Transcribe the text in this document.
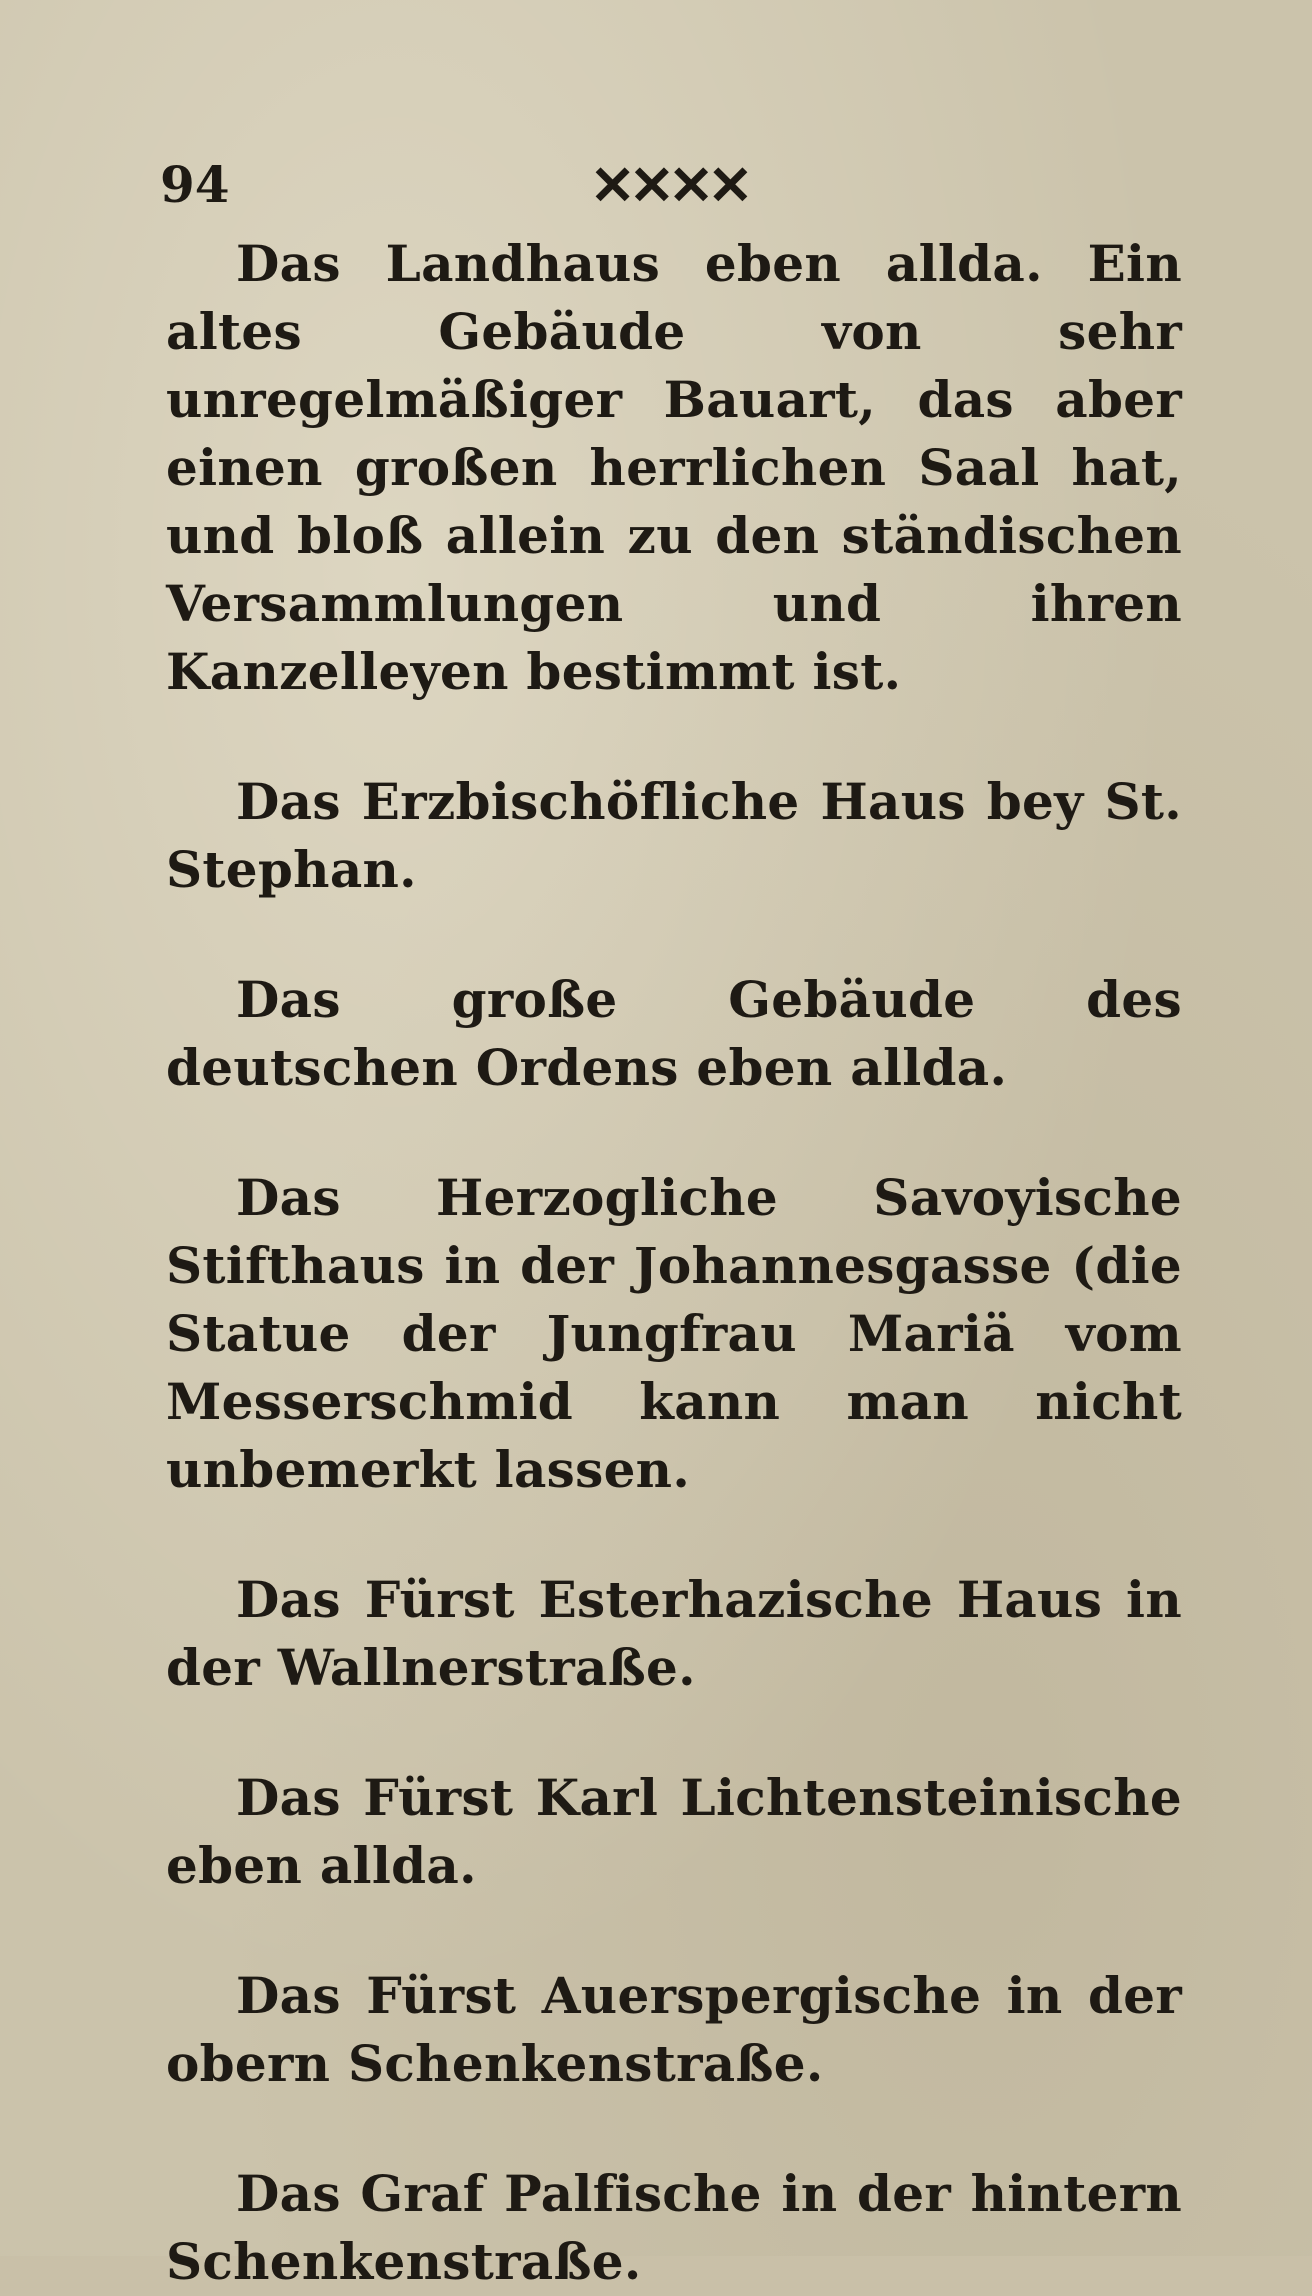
94	✕✕✕✕

Das Landhaus eben allda. Ein altes Gebäude von sehr unregelmäßiger Bauart, das aber einen großen herrlichen Saal hat, und bloß allein zu den ständischen Versammlungen und ihren Kanzelleyen bestimmt ist.

Das Erzbischöfliche Haus bey St. Stephan.

Das große Gebäude des deutschen Ordens eben allda.

Das Herzogliche Savoyische Stifthaus in der Johannesgasse (die Statue der Jungfrau Mariä vom Messerschmid kann man nicht unbemerkt lassen.

Das Fürst Esterhazische Haus in der Wallnerstraße.

Das Fürst Karl Lichtensteinische eben allda.

Das Fürst Auerspergische in der obern Schenkenstraße.

Das Graf Palfische in der hintern Schenkenstraße.
